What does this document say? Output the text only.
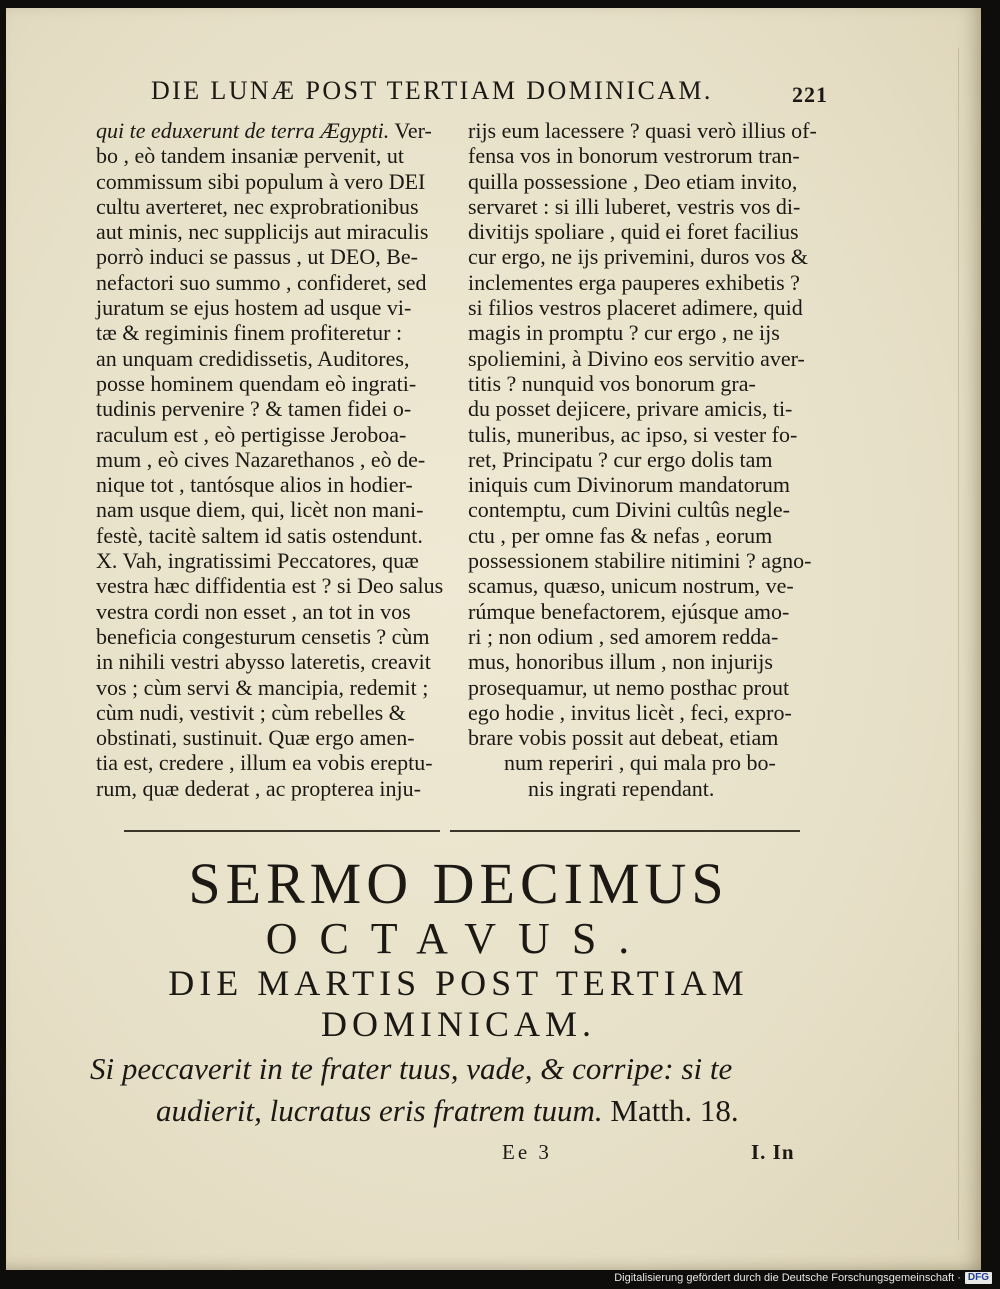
DIE LUNÆ POST TERTIAM DOMINICAM.	221
qui te eduxerunt de terra Ægypti. Ver-
bo , eò tandem insaniæ pervenit, ut
commissum sibi populum à vero DEI
cultu averteret, nec exprobrationibus
aut minis, nec supplicijs aut miraculis
porrò induci se passus , ut DEO, Be-
nefactori suo summo , confideret, sed
juratum se ejus hostem ad usque vi-
tæ & regiminis finem profiteretur :
an unquam credidissetis, Auditores,
posse hominem quendam eò ingrati-
tudinis pervenire ? & tamen fidei o-
raculum est , eò pertigisse Jeroboa-
mum , eò cives Nazarethanos , eò de-
nique tot , tantósque alios in hodier-
nam usque diem, qui, licèt non mani-
festè, tacitè saltem id satis ostendunt.
X. Vah, ingratissimi Peccatores, quæ
vestra hæc diffidentia est ? si Deo salus
vestra cordi non esset , an tot in vos
beneficia congesturum censetis ? cùm
in nihili vestri abysso lateretis, creavit
vos ; cùm servi & mancipia, redemit ;
cùm nudi, vestivit ; cùm rebelles &
obstinati, sustinuit. Quæ ergo amen-
tia est, credere , illum ea vobis ereptu-
rum, quæ dederat , ac propterea inju-
rijs eum lacessere ? quasi verò illius of-
fensa vos in bonorum vestrorum tran-
quilla possessione , Deo etiam invito,
servaret : si illi luberet, vestris vos di-
divitijs spoliare , quid ei foret facilius
cur ergo, ne ijs privemini, duros vos &
inclementes erga pauperes exhibetis ?
si filios vestros placeret adimere, quid
magis in promptu ? cur ergo , ne ijs
spoliemini, à Divino eos servitio aver-
titis ? nunquid vos bonorum gra-
du posset dejicere, privare amicis, ti-
tulis, muneribus, ac ipso, si vester fo-
ret, Principatu ? cur ergo dolis tam
iniquis cum Divinorum mandatorum
contemptu, cum Divini cultûs negle-
ctu , per omne fas & nefas , eorum
possessionem stabilire nitimini ? agno-
scamus, quæso, unicum nostrum, ve-
rúmque benefactorem, ejúsque amo-
ri ; non odium , sed amorem redda-
mus, honoribus illum , non injurijs
prosequamur, ut nemo posthac prout
ego hodie , invitus licèt , feci, expro-
brare vobis possit aut debeat, etiam
num reperiri , qui mala pro bo-
nis ingrati rependant.
SERMO DECIMUS
OCTAVUS.
DIE MARTIS POST TERTIAM
DOMINICAM.
Si peccaverit in te frater tuus, vade, & corripe: si te
audierit, lucratus eris fratrem tuum. Matth. 18.
Ee 3	I. In
Digitalisierung gefördert durch die Deutsche Forschungsgemeinschaft · DFG
